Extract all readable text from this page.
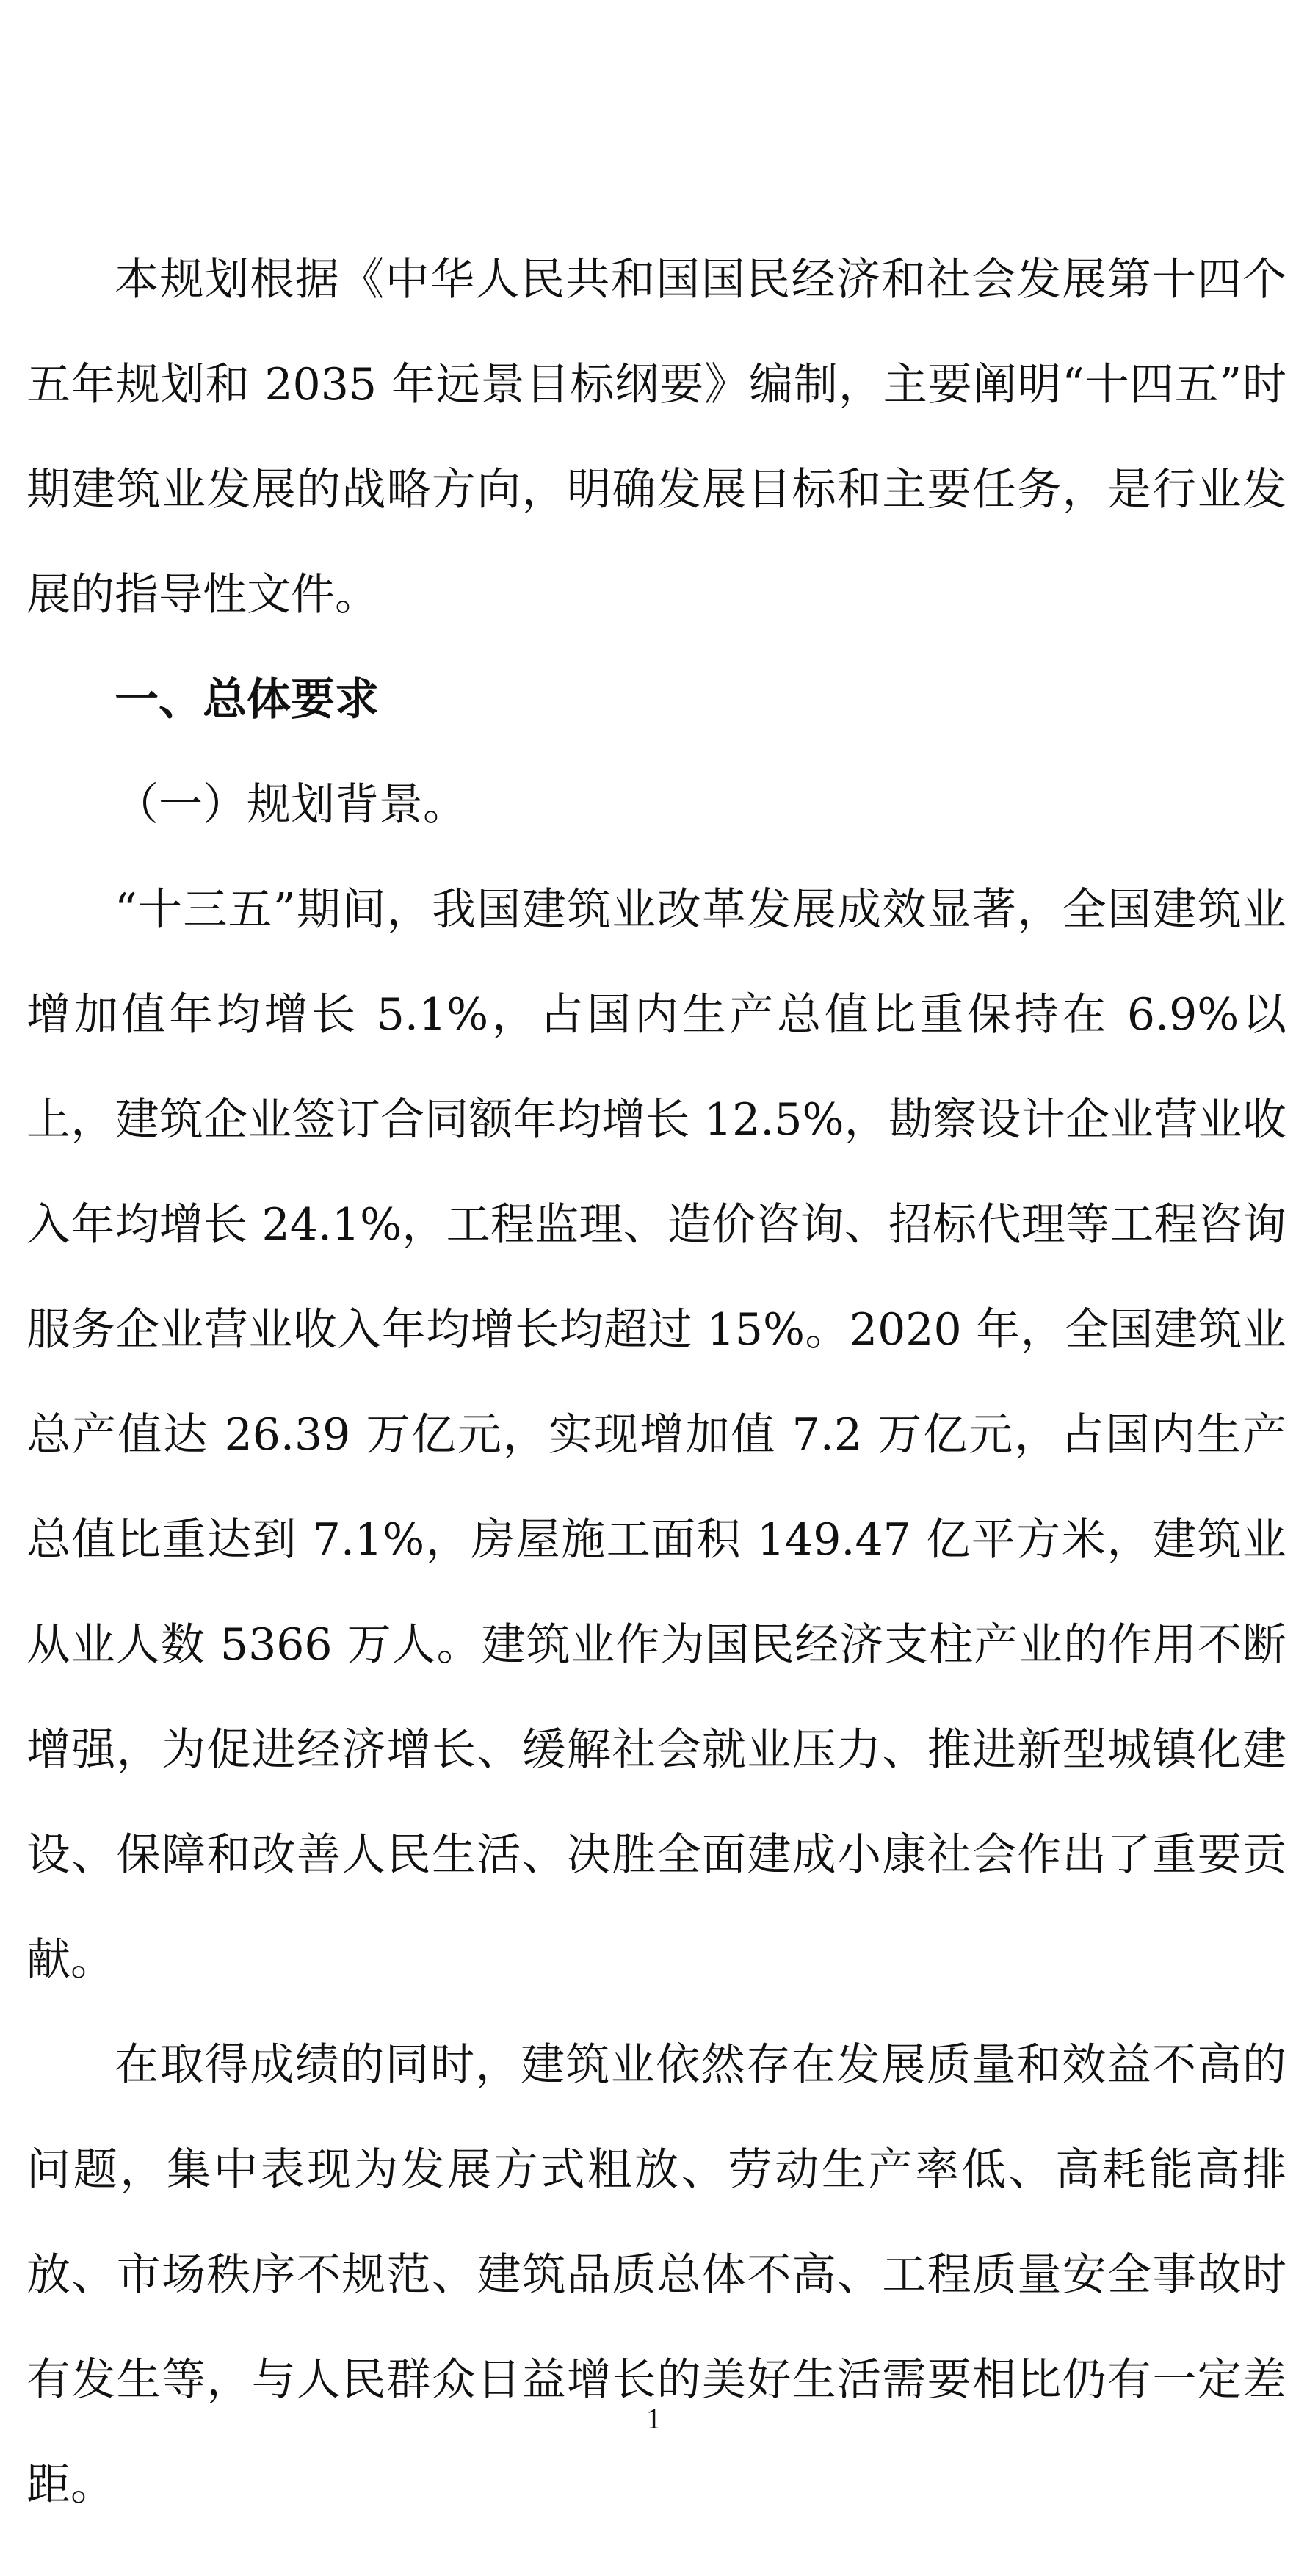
本规划根据《中华人民共和国国民经济和社会发展第十四个五年规划和 2035 年远景目标纲要》编制，主要阐明“十四五”时期建筑业发展的战略方向，明确发展目标和主要任务，是行业发展的指导性文件。

一、总体要求

（一）规划背景。

“十三五”期间，我国建筑业改革发展成效显著，全国建筑业增加值年均增长 5.1%，占国内生产总值比重保持在 6.9%以上，建筑企业签订合同额年均增长 12.5%，勘察设计企业营业收入年均增长 24.1%，工程监理、造价咨询、招标代理等工程咨询服务企业营业收入年均增长均超过 15%。2020 年，全国建筑业总产值达 26.39 万亿元，实现增加值 7.2 万亿元，占国内生产总值比重达到 7.1%，房屋施工面积 149.47 亿平方米，建筑业从业人数 5366 万人。建筑业作为国民经济支柱产业的作用不断增强，为促进经济增长、缓解社会就业压力、推进新型城镇化建设、保障和改善人民生活、决胜全面建成小康社会作出了重要贡献。

在取得成绩的同时，建筑业依然存在发展质量和效益不高的问题，集中表现为发展方式粗放、劳动生产率低、高耗能高排放、市场秩序不规范、建筑品质总体不高、工程质量安全事故时有发生等，与人民群众日益增长的美好生活需要相比仍有一定差距。

1
